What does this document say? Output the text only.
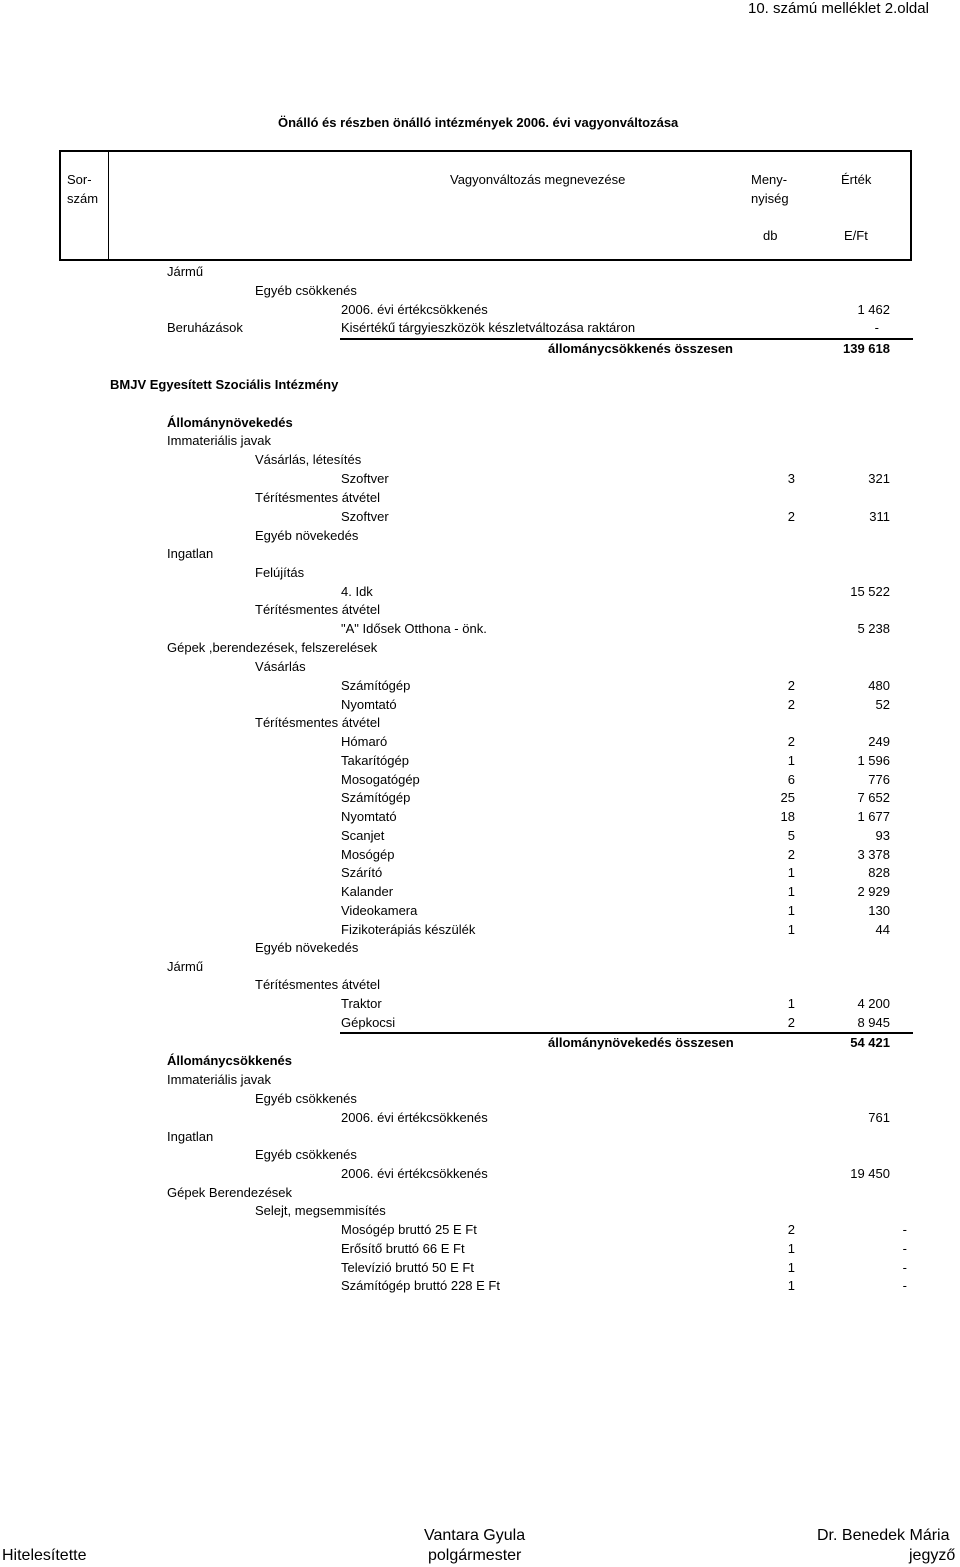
10. számú melléklet 2.oldal
Önálló és részben önálló intézmények 2006. évi vagyonváltozása
Sor-
szám
Vagyonváltozás megnevezése	Meny-
nyiség
Érték
db	E/Ft
Jármű
Egyéb csökkenés
2006. évi értékcsökkenés	1 462
Beruházások	Kisértékű tárgyieszközök készletváltozása raktáron	-
állománycsökkenés összesen	139 618
BMJV Egyesített Szociális Intézmény
Állománynövekedés
Immateriális javak
Vásárlás, létesítés
Szoftver	3	321
Térítésmentes átvétel
Szoftver	2	311
Egyéb növekedés
Ingatlan
Felújítás
4. Idk	15 522
Térítésmentes átvétel
"A" Idősek Otthona - önk.	5 238
Gépek ,berendezések, felszerelések
Vásárlás
Számítógép	2	480
Nyomtató	2	52
Térítésmentes átvétel
Hómaró	2	249
Takarítógép	1	1 596
Mosogatógép	6	776
Számítógép	25	7 652
Nyomtató	18	1 677
Scanjet	5	93
Mosógép	2	3 378
Szárító	1	828
Kalander	1	2 929
Videokamera	1	130
Fizikoterápiás készülék	1	44
Egyéb növekedés
Jármű
Térítésmentes átvétel
Traktor	1	4 200
Gépkocsi	2	8 945
állománynövekedés összesen	54 421
Állománycsökkenés
Immateriális javak
Egyéb csökkenés
2006. évi értékcsökkenés	761
Ingatlan
Egyéb csökkenés
2006. évi értékcsökkenés	19 450
Gépek Berendezések
Selejt, megsemmisítés
Mosógép bruttó 25 E Ft	2	-
Erősítő bruttó 66 E Ft	1	-
Televízió bruttó 50 E Ft	1	-
Számítógép bruttó 228 E Ft	1	-
Hitelesítette
Vantara Gyula
polgármester
Dr. Benedek Mária
jegyző
